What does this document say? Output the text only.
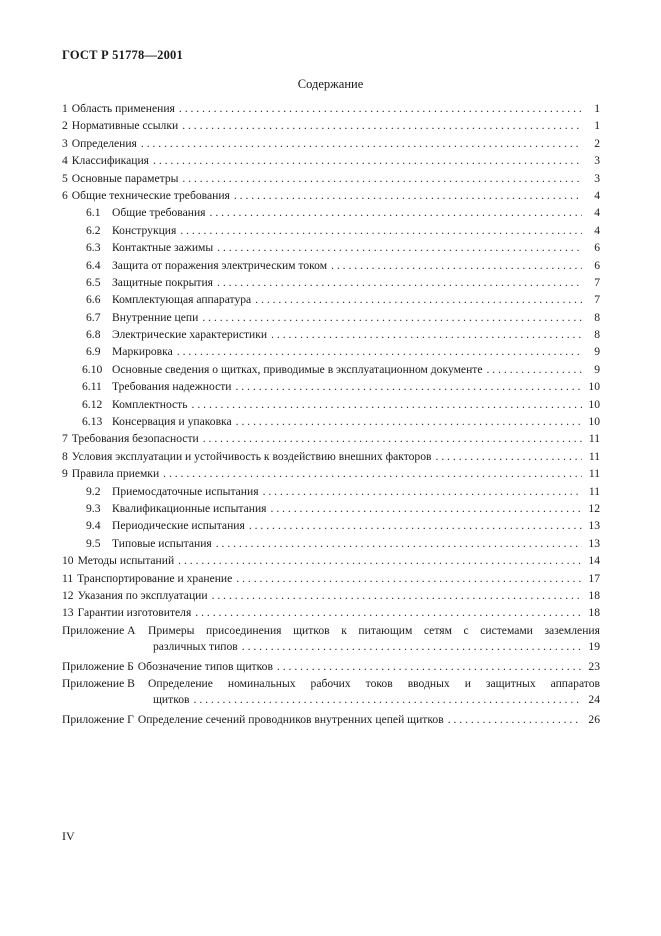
ГОСТ Р 51778—2001
Содержание
1 Область применения . . .	1
2 Нормативные ссылки . . .	1
3 Определения . . .	2
4 Классификация . . .	3
5 Основные параметры . . .	3
6 Общие технические требования . . .	4
6.1 Общие требования . . .	4
6.2 Конструкция . . .	4
6.3 Контактные зажимы . . .	6
6.4 Защита от поражения электрическим током . . .	6
6.5 Защитные покрытия . . .	7
6.6 Комплектующая аппаратура . . .	7
6.7 Внутренние цепи . . .	8
6.8 Электрические характеристики . . .	8
6.9 Маркировка . . .	9
6.10 Основные сведения о щитках, приводимые в эксплуатационном документе . . .	9
6.11 Требования надежности . . .	10
6.12 Комплектность . . .	10
6.13 Консервация и упаковка . . .	10
7 Требования безопасности . . .	11
8 Условия эксплуатации и устойчивость к воздействию внешних факторов . . .	11
9 Правила приемки . . .	11
9.2 Приемосдаточные испытания . . .	11
9.3 Квалификационные испытания . . .	12
9.4 Периодические испытания . . .	13
9.5 Типовые испытания . . .	13
10 Методы испытаний . . .	14
11 Транспортирование и хранение . . .	17
12 Указания по эксплуатации . . .	18
13 Гарантии изготовителя . . .	18
Приложение А	Примеры присоединения щитков к питающим сетям с системами заземления
различных типов . . .	19
Приложение Б Обозначение типов щитков . . .	23
Приложение В	Определение номинальных рабочих токов вводных и защитных аппаратов
щитков . . .	24
Приложение Г Определение сечений проводников внутренних цепей щитков . . .	26
IV
